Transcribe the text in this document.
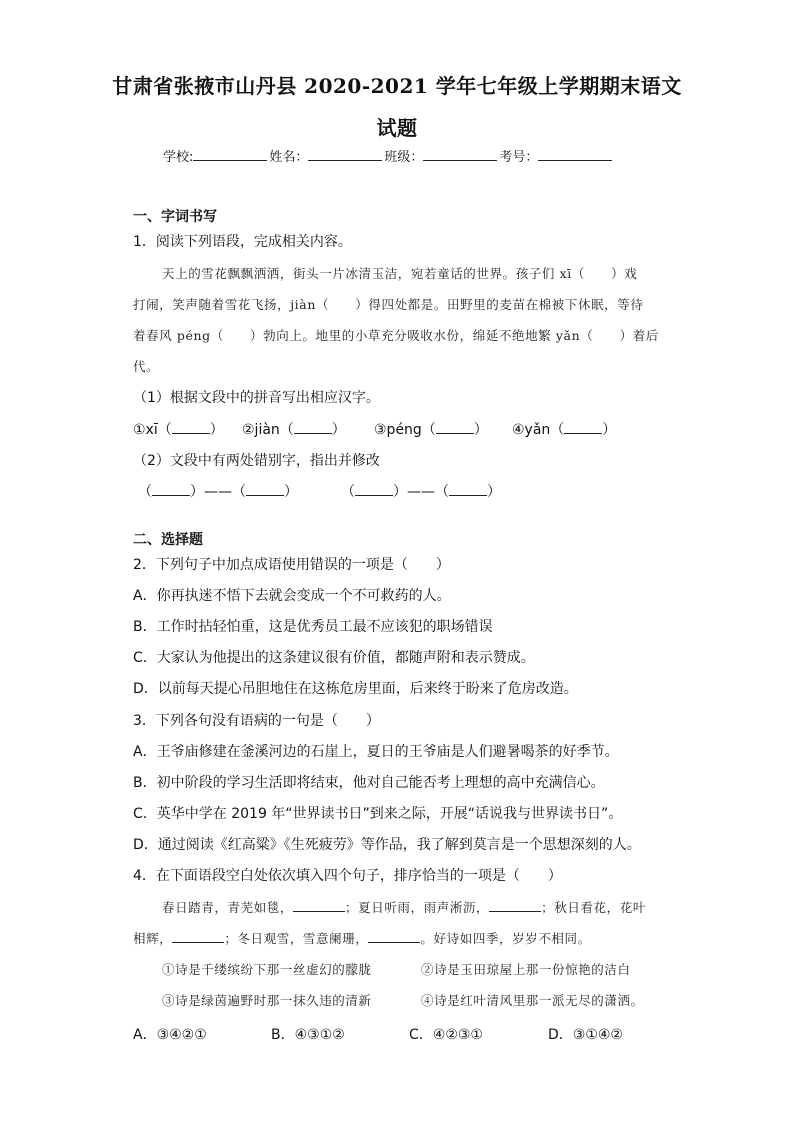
甘肃省张掖市山丹县 2020-2021 学年七年级上学期期末语文
试题
学校:	姓名：	班级：	考号：
一、字词书写
1．阅读下列语段，完成相关内容。
天上的雪花飘飘洒洒，街头一片冰清玉洁，宛若童话的世界。孩子们 xī（　　）戏
打闹，笑声随着雪花飞扬，jiàn（　　）得四处都是。田野里的麦苗在棉被下休眠，等待
着春风 péng（　　）勃向上。地里的小草充分吸收水份，绵延不绝地繁 yǎn（　　）着后
代。
（1）根据文段中的拼音写出相应汉字。
①xī（	） ②jiàn（	） ③péng（	） ④yǎn（	）
（2）文段中有两处错别字，指出并修改
（	）——（	）	（	）——（	）
二、选择题
2．下列句子中加点成语使用错误的一项是（　　）
A．你再执迷不悟下去就会变成一个不可救药的人。
B．工作时拈轻怕重，这是优秀员工最不应该犯的职场错误
C．大家认为他提出的这条建议很有价值，都随声附和表示赞成。
D．以前每天提心吊胆地住在这栋危房里面，后来终于盼来了危房改造。
3．下列各句没有语病的一句是（　　）
A．王爷庙修建在釜溪河边的石崖上，夏日的王爷庙是人们避暑喝茶的好季节。
B．初中阶段的学习生活即将结束，他对自己能否考上理想的高中充满信心。
C．英华中学在 2019 年“世界读书日”到来之际，开展“话说我与世界读书日”。
D．通过阅读《红高粱》《生死疲劳》等作品，我了解到莫言是一个思想深刻的人。
4．在下面语段空白处依次填入四个句子，排序恰当的一项是（　　）
春日踏青，青芜如毯，	；夏日听雨，雨声淅沥，	；秋日看花，花叶
相辉，	；冬日观雪，雪意阑珊，	。好诗如四季，岁岁不相同。
①诗是千缕缤纷下那一丝虚幻的朦胧	②诗是玉田琼屋上那一份惊艳的洁白
③诗是绿茵遍野时那一抹久违的清新	④诗是红叶清风里那一派无尽的潇洒。
A．③④②①	B．④③①②	C．④②③①	D．③①④②
